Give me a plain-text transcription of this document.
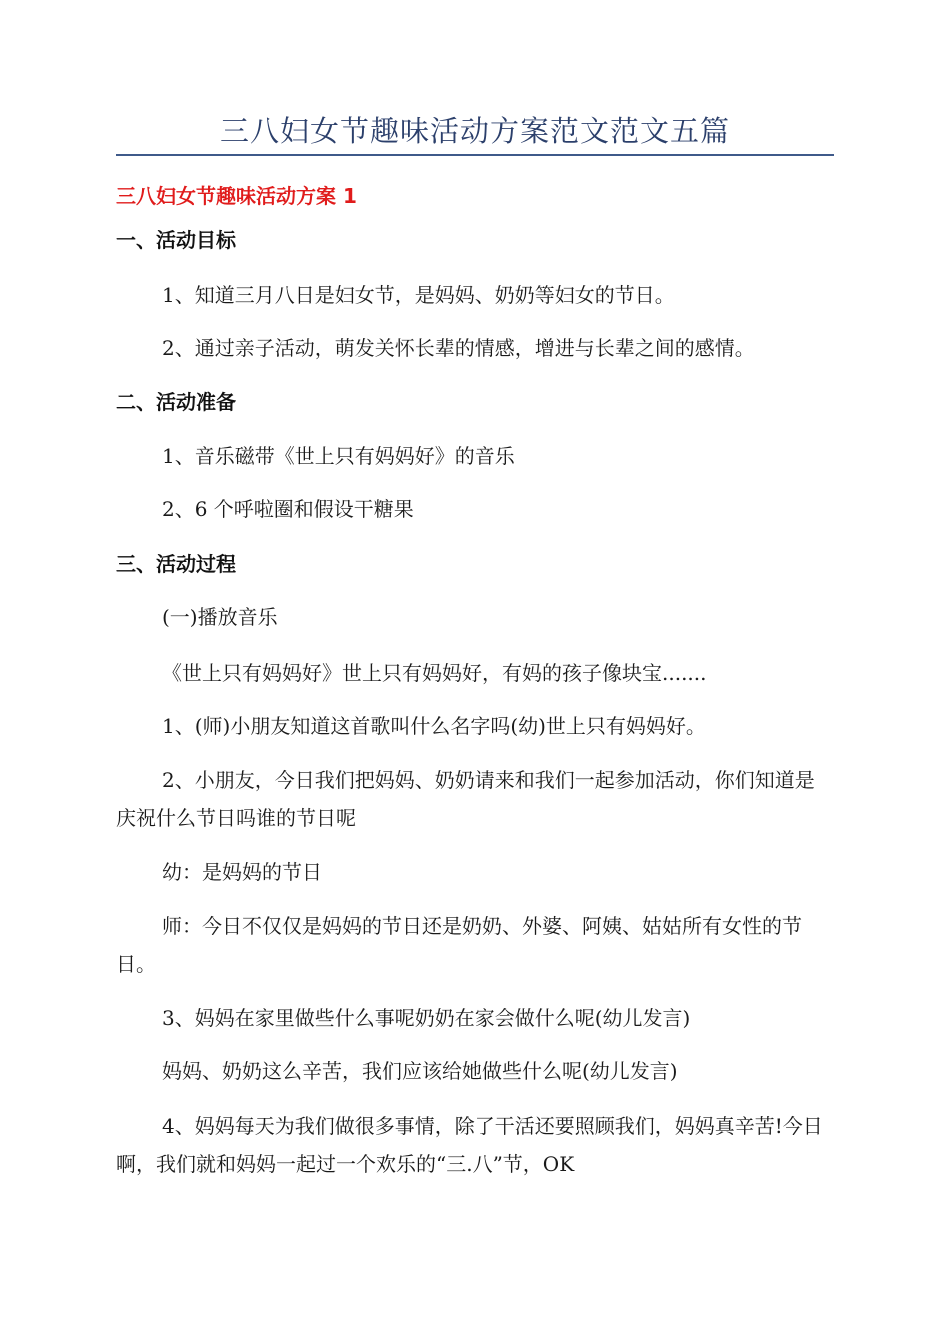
三八妇女节趣味活动方案范文范文五篇
三八妇女节趣味活动方案 1
一、活动目标
1、知道三月八日是妇女节，是妈妈、奶奶等妇女的节日。
2、通过亲子活动，萌发关怀长辈的情感，增进与长辈之间的感情。
二、活动准备
1、音乐磁带《世上只有妈妈好》的音乐
2、6 个呼啦圈和假设干糖果
三、活动过程
(一)播放音乐
《世上只有妈妈好》世上只有妈妈好，有妈的孩子像块宝.......
1、(师)小朋友知道这首歌叫什么名字吗(幼)世上只有妈妈好。
2、小朋友，今日我们把妈妈、奶奶请来和我们一起参加活动，你们知道是庆祝什么节日吗谁的节日呢
幼：是妈妈的节日
师：今日不仅仅是妈妈的节日还是奶奶、外婆、阿姨、姑姑所有女性的节日。
3、妈妈在家里做些什么事呢奶奶在家会做什么呢(幼儿发言)
妈妈、奶奶这么辛苦，我们应该给她做些什么呢(幼儿发言)
4、妈妈每天为我们做很多事情，除了干活还要照顾我们，妈妈真辛苦!今日啊，我们就和妈妈一起过一个欢乐的“三.八”节，OK
